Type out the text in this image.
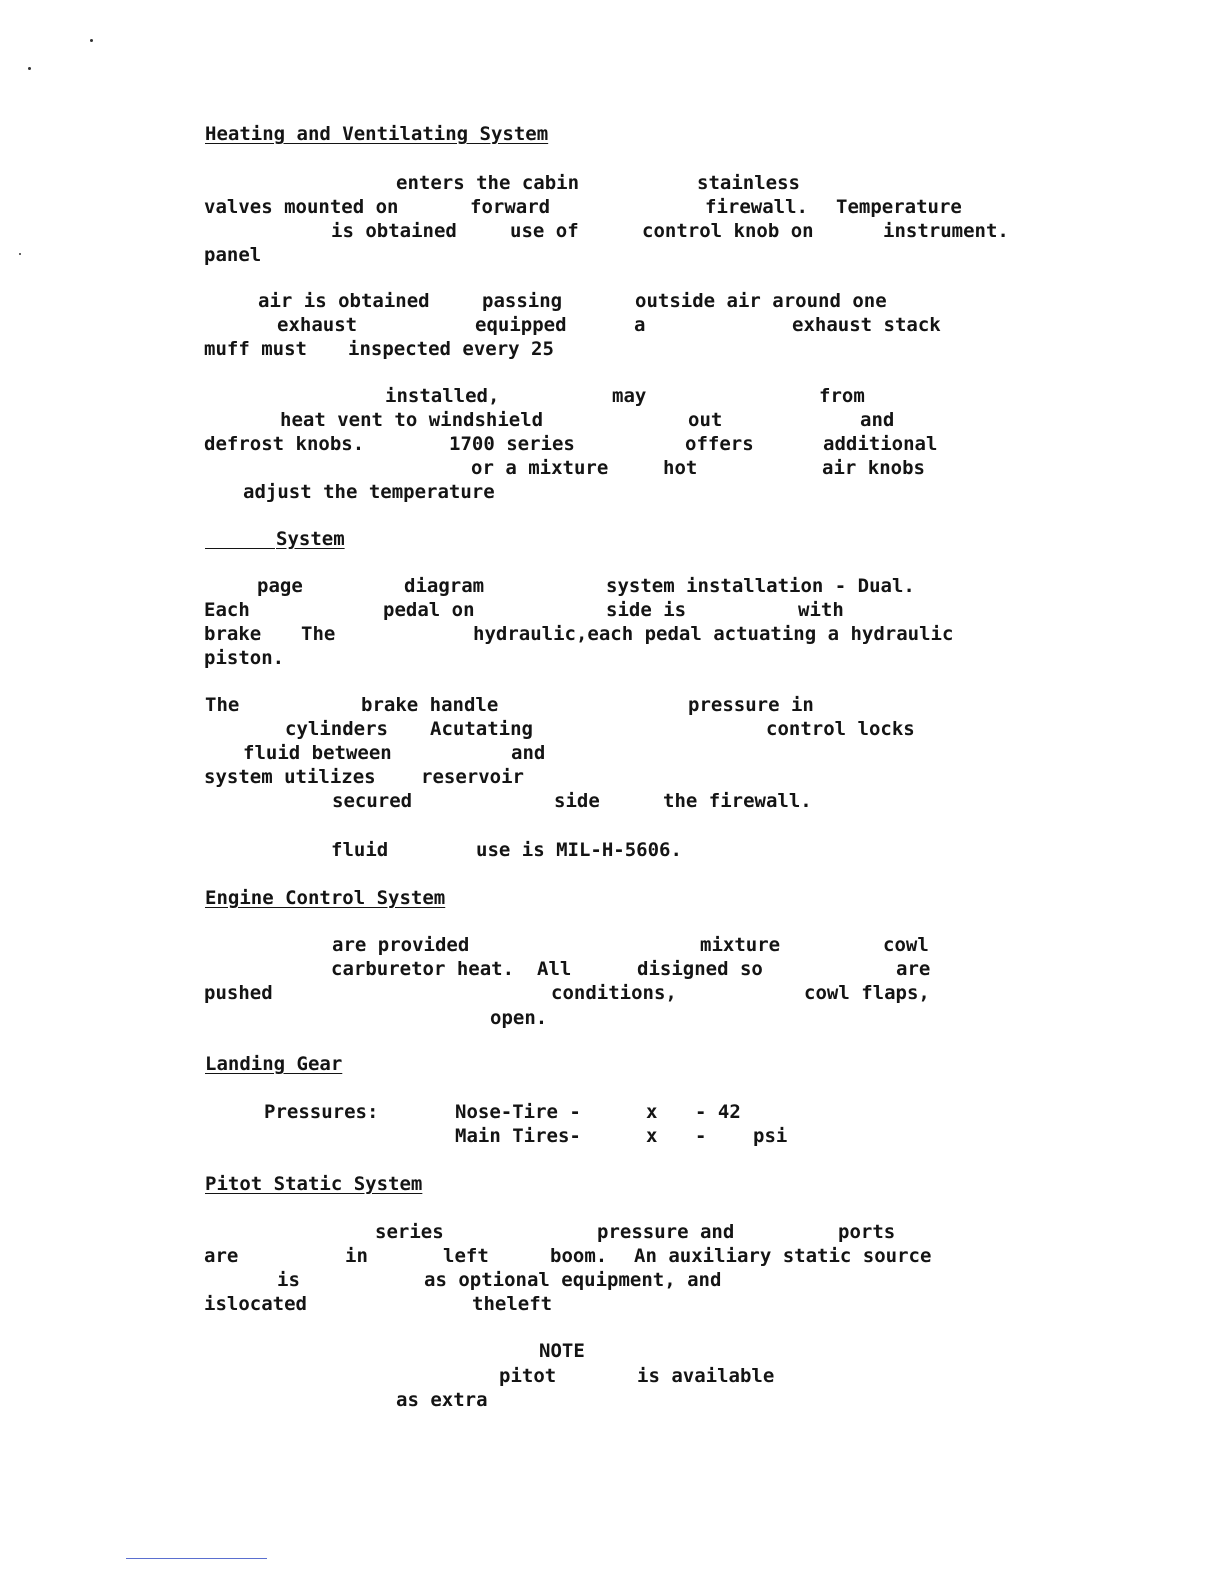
Heating and Ventilating System
enters the cabin	stainless
valves mounted on	forward	firewall. Temperature
is obtained	use of	control knob on	instrument.
panel
air is obtained	passing	outside air around one
exhaust	equipped	a	exhaust stack
muff must inspected every 25
installed,	may	from
heat vent to windshield	out	and
defrost knobs.	1700 series	offers	additional
or a mixture	hot	air knobs
adjust the temperature
System
page	diagram	system installation - Dual.
Each	pedal on	side is	with
brake The	hydraulic,each pedal actuating a hydraulic
piston.
The	brake handle	pressure in
cylinders Acutating	control locks
fluid between	and
system utilizes reservoir
secured	side	the firewall.
fluid	use is MIL-H-5606.
Engine Control System
are provided	mixture	cowl
carburetor heat. All	disigned so	are
pushed	conditions,	cowl flaps,
open.
Landing Gear
Pressures:	Nose-Tire -	x - 42
Main Tires-	x - psi
Pitot Static System
series	pressure and	ports
are	in	left	boom. An auxiliary static source
is	as optional equipment, and
islocated	theleft
NOTE
pitot	is available
as extra
